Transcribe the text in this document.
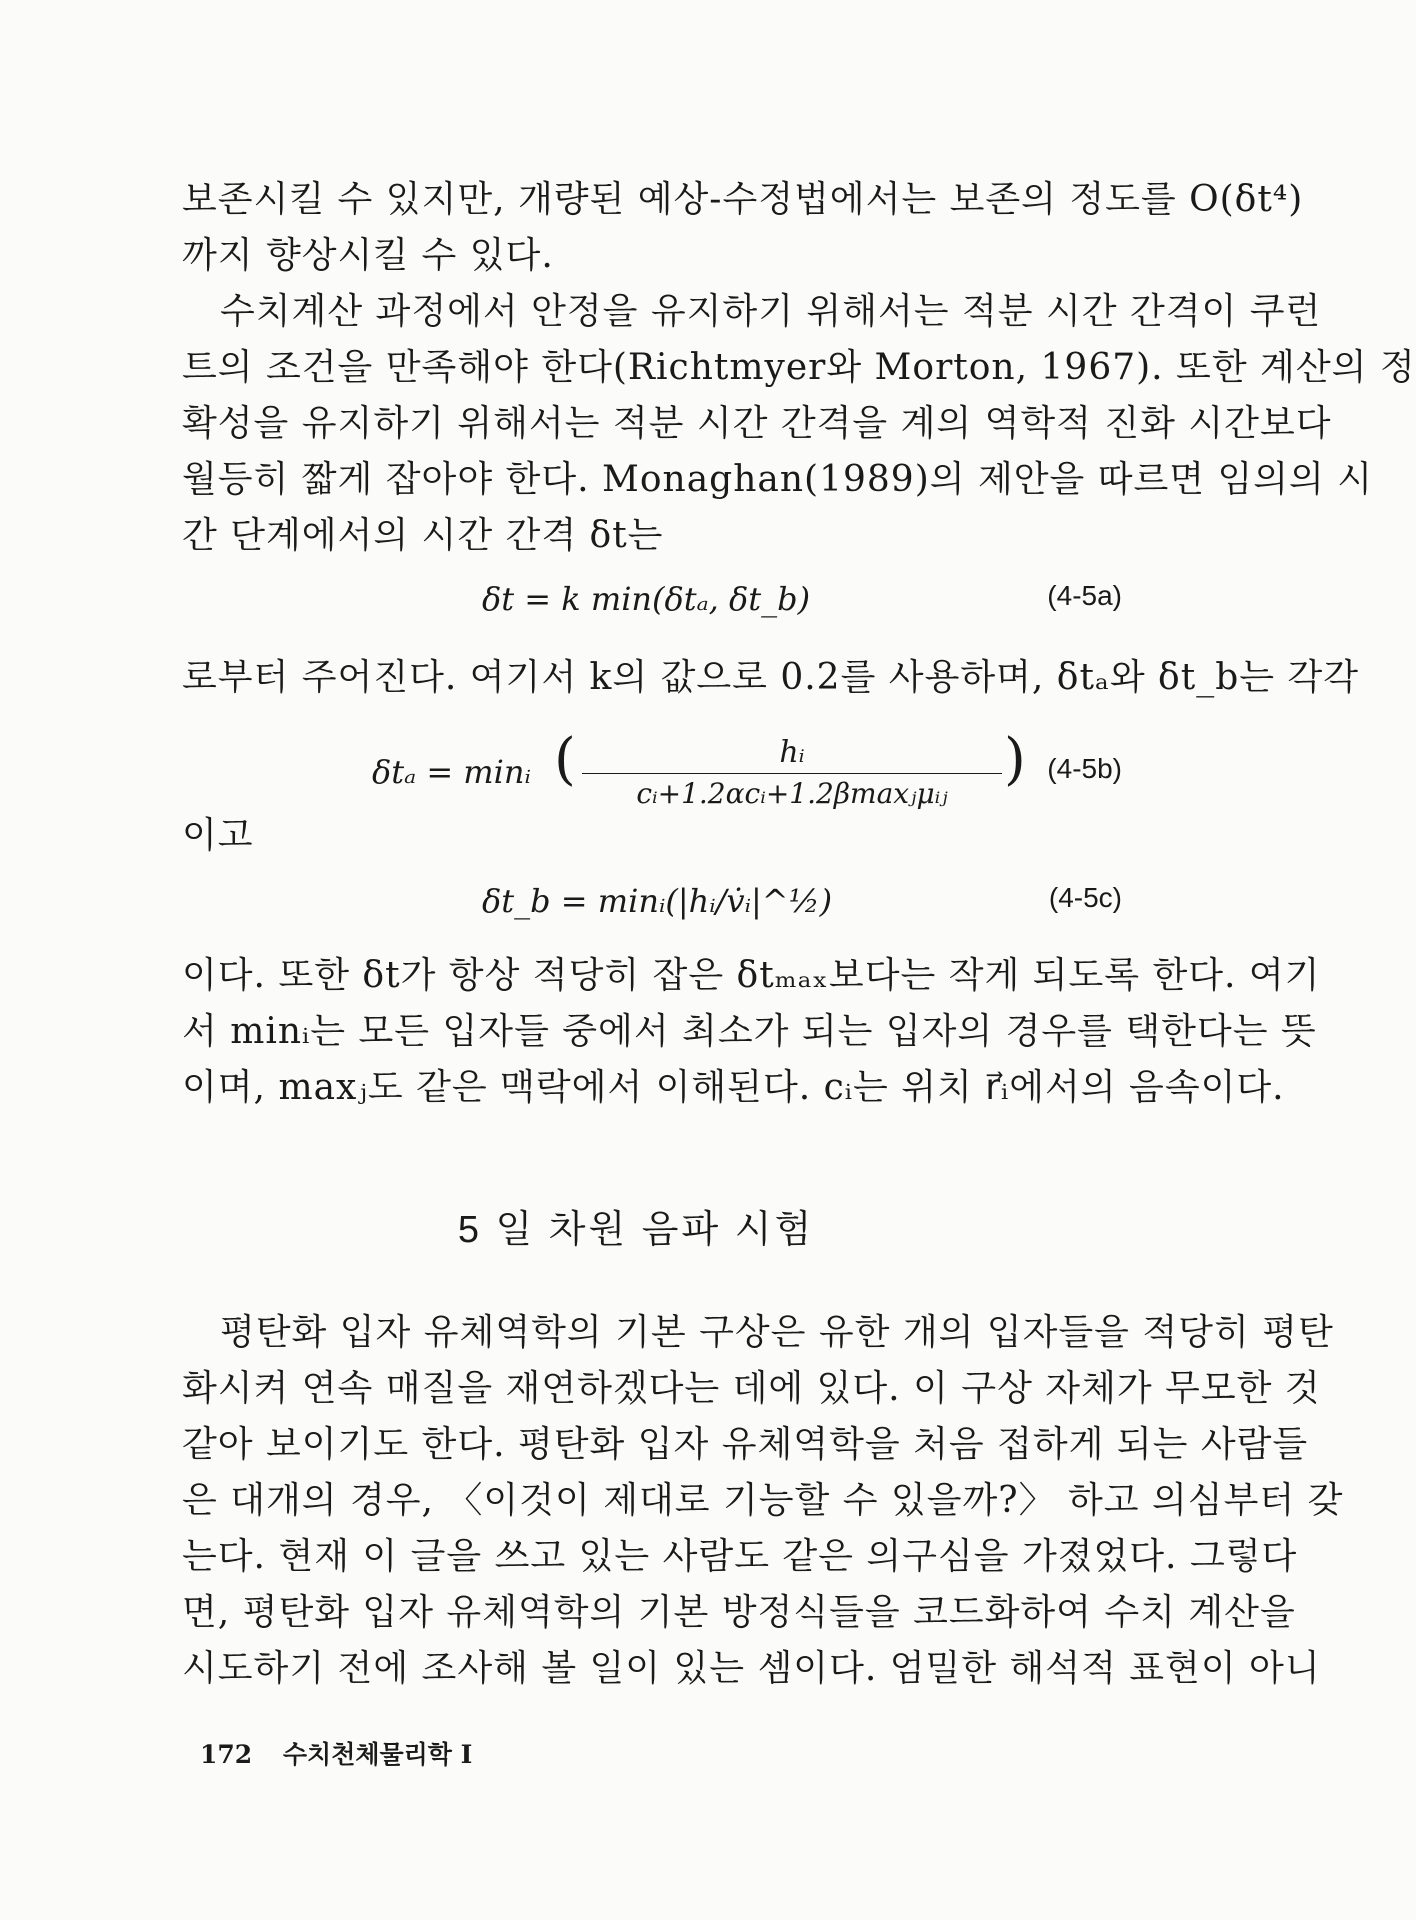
보존시킬 수 있지만, 개량된 예상-수정법에서는 보존의 정도를 O(δt⁴)

까지 향상시킬 수 있다.

수치계산 과정에서 안정을 유지하기 위해서는 적분 시간 간격이 쿠런

트의 조건을 만족해야 한다(Richtmyer와 Morton, 1967). 또한 계산의 정

확성을 유지하기 위해서는 적분 시간 간격을 계의 역학적 진화 시간보다

월등히 짧게 잡아야 한다. Monaghan(1989)의 제안을 따르면 임의의 시

간 단계에서의 시간 간격 δt는

δt = k min(δtₐ, δt_b)	(4-5a)

로부터 주어진다. 여기서 k의 값으로 0.2를 사용하며, δtₐ와 δt_b는 각각

δtₐ = minᵢ (	hᵢ
cᵢ+1.2αcᵢ+1.2βmaxⱼμᵢⱼ
) (4-5b)

이고

δt_b = minᵢ(|hᵢ/v̇ᵢ|^½)	(4-5c)

이다. 또한 δt가 항상 적당히 잡은 δtₘₐₓ보다는 작게 되도록 한다. 여기

서 minᵢ는 모든 입자들 중에서 최소가 되는 입자의 경우를 택한다는 뜻

이며, maxⱼ도 같은 맥락에서 이해된다. cᵢ는 위치 r⃗ᵢ에서의 음속이다.

5 일 차원 음파 시험

평탄화 입자 유체역학의 기본 구상은 유한 개의 입자들을 적당히 평탄

화시켜 연속 매질을 재연하겠다는 데에 있다. 이 구상 자체가 무모한 것

같아 보이기도 한다. 평탄화 입자 유체역학을 처음 접하게 되는 사람들

은 대개의 경우, 〈이것이 제대로 기능할 수 있을까?〉 하고 의심부터 갖

는다. 현재 이 글을 쓰고 있는 사람도 같은 의구심을 가졌었다. 그렇다

면, 평탄화 입자 유체역학의 기본 방정식들을 코드화하여 수치 계산을

시도하기 전에 조사해 볼 일이 있는 셈이다. 엄밀한 해석적 표현이 아니

172 수치천체물리학 I
